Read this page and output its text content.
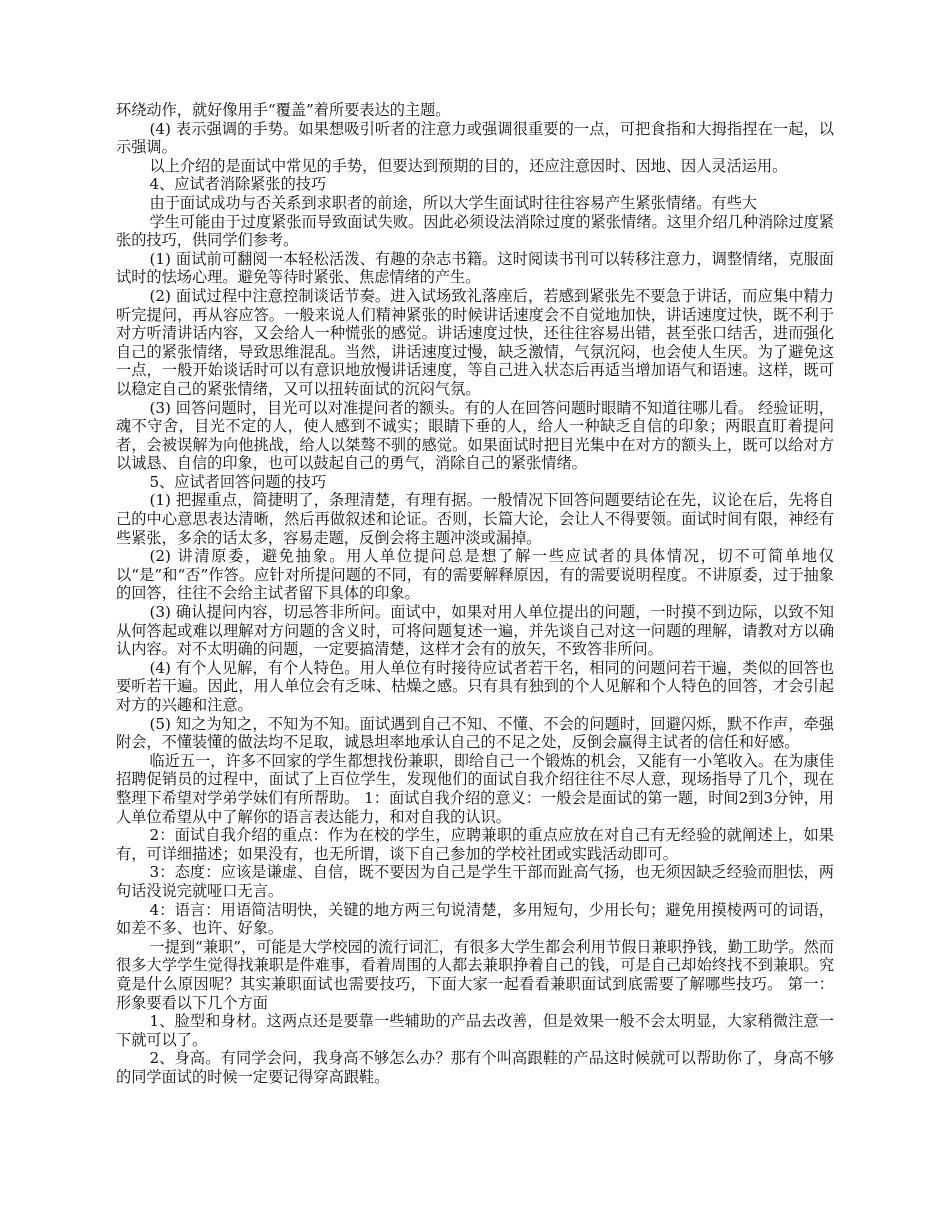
环绕动作，就好像用手“覆盖”着所要表达的主题。

(4) 表示强调的手势。如果想吸引听者的注意力或强调很重要的一点，可把食指和大拇指捏在一起，以示强调。

以上介绍的是面试中常见的手势，但要达到预期的目的，还应注意因时、因地、因人灵活运用。

4、应试者消除紧张的技巧

由于面试成功与否关系到求职者的前途，所以大学生面试时往往容易产生紧张情绪。有些大

学生可能由于过度紧张而导致面试失败。因此必须设法消除过度的紧张情绪。这里介绍几种消除过度紧张的技巧，供同学们参考。

(1) 面试前可翻阅一本轻松活泼、有趣的杂志书籍。这时阅读书刊可以转移注意力，调整情绪，克服面试时的怯场心理。避免等待时紧张、焦虑情绪的产生。

(2) 面试过程中注意控制谈话节奏。进入试场致礼落座后，若感到紧张先不要急于讲话，而应集中精力听完提问，再从容应答。一般来说人们精神紧张的时候讲话速度会不自觉地加快，讲话速度过快，既不利于对方听清讲话内容，又会给人一种慌张的感觉。讲话速度过快，还往往容易出错，甚至张口结舌，进而强化自己的紧张情绪，导致思维混乱。当然，讲话速度过慢，缺乏激情，气氛沉闷，也会使人生厌。为了避免这一点，一般开始谈话时可以有意识地放慢讲话速度，等自己进入状态后再适当增加语气和语速。这样，既可以稳定自己的紧张情绪，又可以扭转面试的沉闷气氛。

(3) 回答问题时，目光可以对准提问者的额头。有的人在回答问题时眼睛不知道往哪儿看。 经验证明，魂不守舍，目光不定的人，使人感到不诚实；眼睛下垂的人，给人一种缺乏自信的印象；两眼直盯着提问者，会被误解为向他挑战，给人以桀骜不驯的感觉。如果面试时把目光集中在对方的额头上，既可以给对方以诚恳、自信的印象，也可以鼓起自己的勇气，消除自己的紧张情绪。

5、应试者回答问题的技巧

(1) 把握重点，简捷明了，条理清楚，有理有据。一般情况下回答问题要结论在先，议论在后，先将自己的中心意思表达清晰，然后再做叙述和论证。否则，长篇大论，会让人不得要领。面试时间有限，神经有些紧张，多余的话太多，容易走题，反倒会将主题冲淡或漏掉。

(2) 讲清原委，避免抽象。用人单位提问总是想了解一些应试者的具体情况，切不可简单地仅以“是”和“否”作答。应针对所提问题的不同，有的需要解释原因，有的需要说明程度。不讲原委，过于抽象的回答，往往不会给主试者留下具体的印象。

(3) 确认提问内容，切忌答非所问。面试中，如果对用人单位提出的问题，一时摸不到边际，以致不知从何答起或难以理解对方问题的含义时，可将问题复述一遍，并先谈自己对这一问题的理解，请教对方以确认内容。对不太明确的问题，一定要搞清楚，这样才会有的放矢，不致答非所问。

(4) 有个人见解，有个人特色。用人单位有时接待应试者若干名，相同的问题问若干遍，类似的回答也要听若干遍。因此，用人单位会有乏味、枯燥之感。只有具有独到的个人见解和个人特色的回答，才会引起对方的兴趣和注意。

(5) 知之为知之，不知为不知。面试遇到自己不知、不懂、不会的问题时，回避闪烁，默不作声，牵强附会，不懂装懂的做法均不足取，诚恳坦率地承认自己的不足之处，反倒会赢得主试者的信任和好感。

临近五一，许多不回家的学生都想找份兼职，即给自己一个锻炼的机会，又能有一小笔收入。在为康佳招聘促销员的过程中，面试了上百位学生，发现他们的面试自我介绍往往不尽人意，现场指导了几个，现在整理下希望对学弟学妹们有所帮助。 1：面试自我介绍的意义：一般会是面试的第一题，时间2到3分钟，用人单位希望从中了解你的语言表达能力，和对自我的认识。

2：面试自我介绍的重点：作为在校的学生，应聘兼职的重点应放在对自己有无经验的就阐述上，如果有，可详细描述；如果没有，也无所谓，谈下自己参加的学校社团或实践活动即可。

3：态度：应该是谦虚、自信，既不要因为自己是学生干部而趾高气扬，也无须因缺乏经验而胆怯，两句话没说完就哑口无言。

4：语言：用语简洁明快，关键的地方两三句说清楚，多用短句，少用长句；避免用摸棱两可的词语，如差不多、也许、好象。

一提到“兼职”，可能是大学校园的流行词汇，有很多大学生都会利用节假日兼职挣钱，勤工助学。然而很多大学学生觉得找兼职是件难事，看着周围的人都去兼职挣着自己的钱，可是自己却始终找不到兼职。究竟是什么原因呢？其实兼职面试也需要技巧，下面大家一起看看兼职面试到底需要了解哪些技巧。 第一：形象要看以下几个方面

1、脸型和身材。这两点还是要靠一些辅助的产品去改善，但是效果一般不会太明显，大家稍微注意一下就可以了。

2、身高。有同学会问，我身高不够怎么办？那有个叫高跟鞋的产品这时候就可以帮助你了，身高不够的同学面试的时候一定要记得穿高跟鞋。
